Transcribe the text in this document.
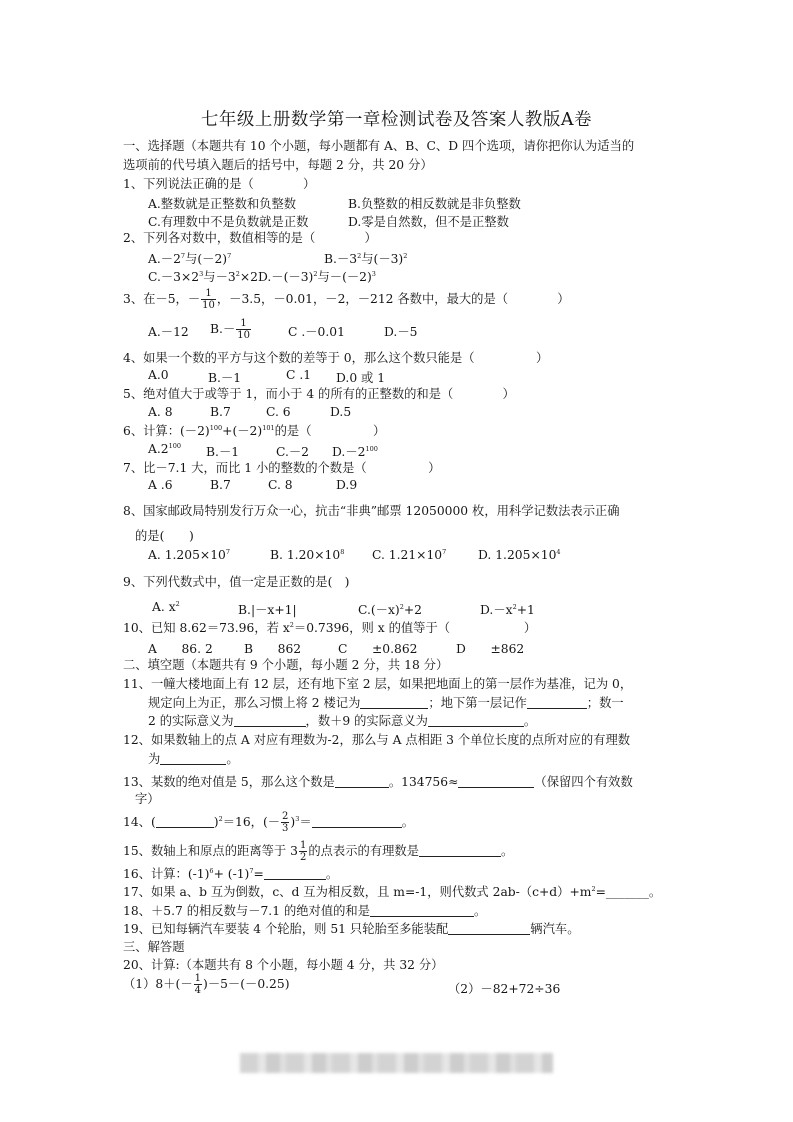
七年级上册数学第一章检测试卷及答案人教版A卷
一、选择题（本题共有 10 个小题，每小题都有 A、B、C、D 四个选项，请你把你认为适当的
选项前的代号填入题后的括号中，每题 2 分，共 20 分）
1、下列说法正确的是（　　　　）
A.整数就是正整数和负整数	B.负整数的相反数就是非负整数
C.有理数中不是负数就是正数	D.零是自然数，但不是正整数
2、下列各对数中，数值相等的是（　　　　）
$A.-2^7$与$(-2)^7$	$B.-3^2$与$(-3)^2$
$C.-3\times 2^3$与$-3^2\times 2D.-(-3)^2$与$-(-2)^3$
3、在－5，－ $\frac{1}{10}$ ，－3.5，－0.01，－2，－212 各数中，最大的是（　　　　）
A.－12 $B.- \frac{1}{10}$	C .－0.01	D.－5
4、如果一个数的平方与这个数的差等于 0，那么这个数只能是（　　　　　）
A.0	B.－1	C .1 D.0 或 1
5、绝对值大于或等于 1，而小于 4 的所有的正整数的和是（　　　　）
A. 8	B.7	C. 6	D.5
6、计算：$(-2)^{100}+(-2)^{101}$的是（　　　　　）
$A.2^{100}$ B.－1	C.－2 $D.-2^{100}$
7、比－7.1 大，而比 1 小的整数的个数是（　　　　　）
A .6	B.7	C. 8	D.9
8、国家邮政局特别发行万众一心，抗击“非典”邮票 12050000 枚，用科学记数法表示正确
的是(　　)
A. $1.205\times 10^7$	B. $1.20\times 10^8$ C. $1.21\times 10^7$	D. $1.205\times 10^4$
9、下列代数式中，值一定是正数的是(　)
A. $x^2$	B.|－x+1|	$C.(-x)^2+2$	$D.-x^2+1$
10、已知 8.62＝73.96，若 $x^2=0.7396$，则 x 的值等于（　　　　　　）
A　　86. 2	B　　862	C　　±0.862	D　　±862
二、填空题（本题共有 9 个小题，每小题 2 分，共 18 分）
11、一幢大楼地面上有 12 层，还有地下室 2 层，如果把地面上的第一层作为基准，记为 0，
规定向上为正，那么习惯上将 2 楼记为	；地下第一层记作	；数一
2 的实际意义为	，数＋9 的实际意义为	。
12、如果数轴上的点 A 对应有理数为-2，那么与 A 点相距 3 个单位长度的点所对应的有理数
为	。
13、某数的绝对值是 5，那么这个数是	。134756≈	（保留四个有效数
字）
14、(	)$^2$＝16，(－ $\frac{2}{3} )^3=$	。
15、数轴上和原点的距离等于 $3 \frac{1}{2}$ 的点表示的有理数是	。
16、计算：$(-1)^6+ (-1)^7=$	。
17、如果 a、b 互为倒数，c、d 互为相反数，且 m=-1，则代数式 $2ab-(c+d)+m^2=\_\_\_\_\_\_\_$。
18、＋5.7 的相反数与－7.1 的绝对值的和是	。
19、已知每辆汽车要装 4 个轮胎，则 51 只轮胎至多能装配	辆汽车。
三、解答题
20、计算:（本题共有 8 个小题，每小题 4 分，共 32 分）
$(1)8+(- \frac{1}{4} )-5-(-0.25)$	（2）－82+72÷36
